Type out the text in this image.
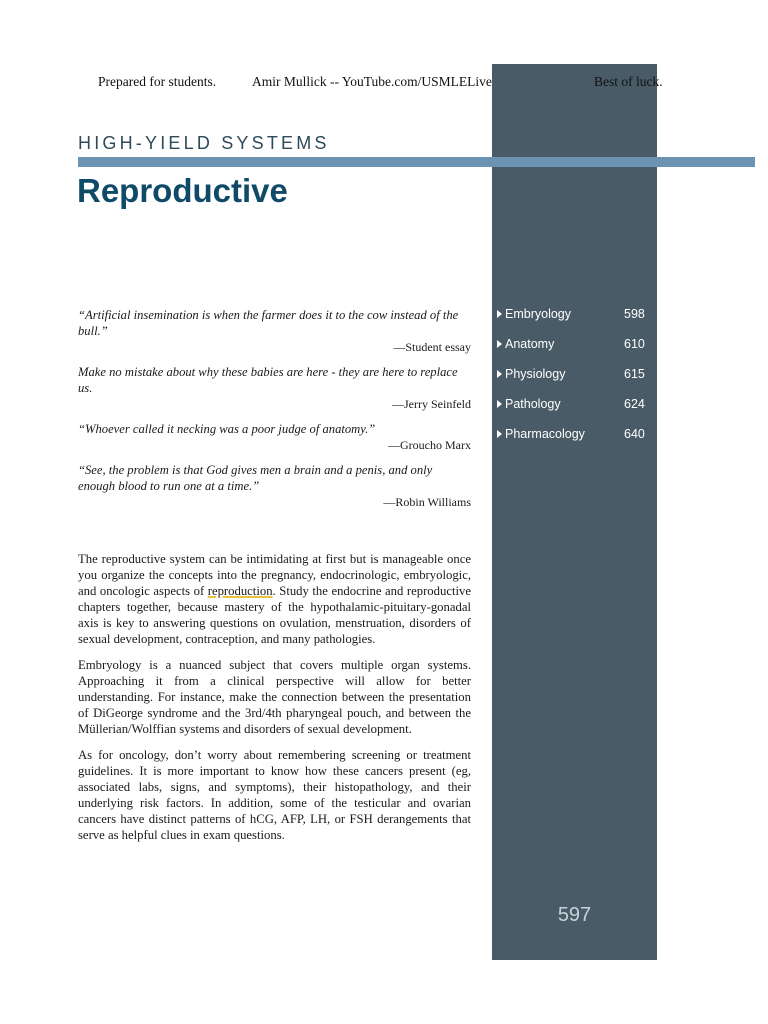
Prepared for students.	Amir Mullick -- YouTube.com/USMLELive	Best of luck.
HIGH-YIELD SYSTEMS
Reproductive
“Artificial insemination is when the farmer does it to the cow instead of the bull.”
—Student essay
Make no mistake about why these babies are here - they are here to replace us.
—Jerry Seinfeld
“Whoever called it necking was a poor judge of anatomy.”
—Groucho Marx
“See, the problem is that God gives men a brain and a penis, and only enough blood to run one at a time.”
—Robin Williams
Embryology	598
Anatomy	610
Physiology	615
Pathology	624
Pharmacology	640

The reproductive system can be intimidating at first but is manageable once you organize the concepts into the pregnancy, endocrinologic, embryologic, and oncologic aspects of reproduction. Study the endocrine and reproductive chapters together, because mastery of the hypothalamic-pituitary-gonadal axis is key to answering questions on ovulation, menstruation, disorders of sexual development, contraception, and many pathologies.

Embryology is a nuanced subject that covers multiple organ systems. Approaching it from a clinical perspective will allow for better understanding. For instance, make the connection between the presentation of DiGeorge syndrome and the 3rd/4th pharyngeal pouch, and between the Müllerian/Wolffian systems and disorders of sexual development.

As for oncology, don’t worry about remembering screening or treatment guidelines. It is more important to know how these cancers present (eg, associated labs, signs, and symptoms), their histopathology, and their underlying risk factors. In addition, some of the testicular and ovarian cancers have distinct patterns of hCG, AFP, LH, or FSH derangements that serve as helpful clues in exam questions.

597
